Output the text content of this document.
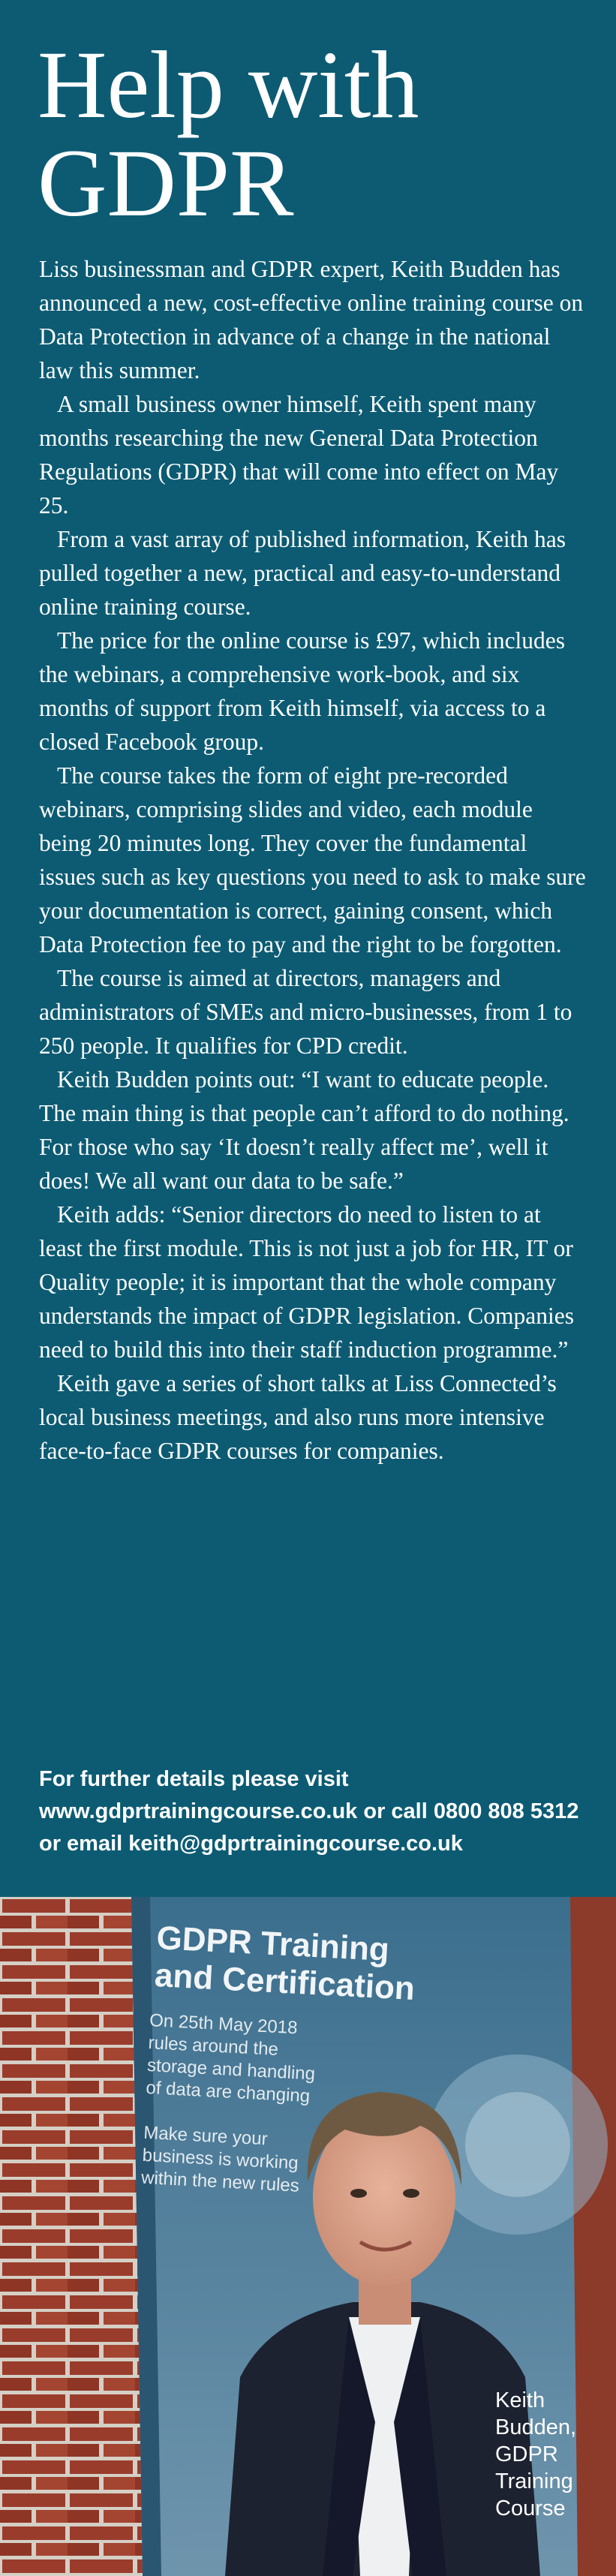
Help with
GDPR

Liss businessman and GDPR expert, Keith Budden has announced a new, cost-effective online training course on Data Protection in advance of a change in the national law this summer.

A small business owner himself, Keith spent many months researching the new General Data Protection Regulations (GDPR) that will come into effect on May 25.

From a vast array of published information, Keith has pulled together a new, practical and easy-to-understand online training course.

The price for the online course is £97, which includes the webinars, a comprehensive work-book, and six months of support from Keith himself, via access to a closed Facebook group.

The course takes the form of eight pre-recorded webinars, comprising slides and video, each module being 20 minutes long. They cover the fundamental issues such as key questions you need to ask to make sure your documentation is correct, gaining consent, which Data Protection fee to pay and the right to be forgotten.

The course is aimed at directors, managers and administrators of SMEs and micro-businesses, from 1 to 250 people. It qualifies for CPD credit.

Keith Budden points out: “I want to educate people. The main thing is that people can’t afford to do nothing. For those who say ‘It doesn’t really affect me’, well it does! We all want our data to be safe.”

Keith adds: “Senior directors do need to listen to at least the first module. This is not just a job for HR, IT or Quality people; it is important that the whole company understands the impact of GDPR legislation. Companies need to build this into their staff induction programme.”

Keith gave a series of short talks at Liss Connected’s local business meetings, and also runs more intensive face-to-face GDPR courses for companies.

For further details please visit www.gdprtrainingcourse.co.uk or call 0800 808 5312 or email keith@gdprtrainingcourse.co.uk
GDPR Training
and Certification
On 25th May 2018
rules around the
storage and handling
of data are changing

Make sure your
business is working
within the new rules
Keith
Budden,
GDPR
Training
Course
